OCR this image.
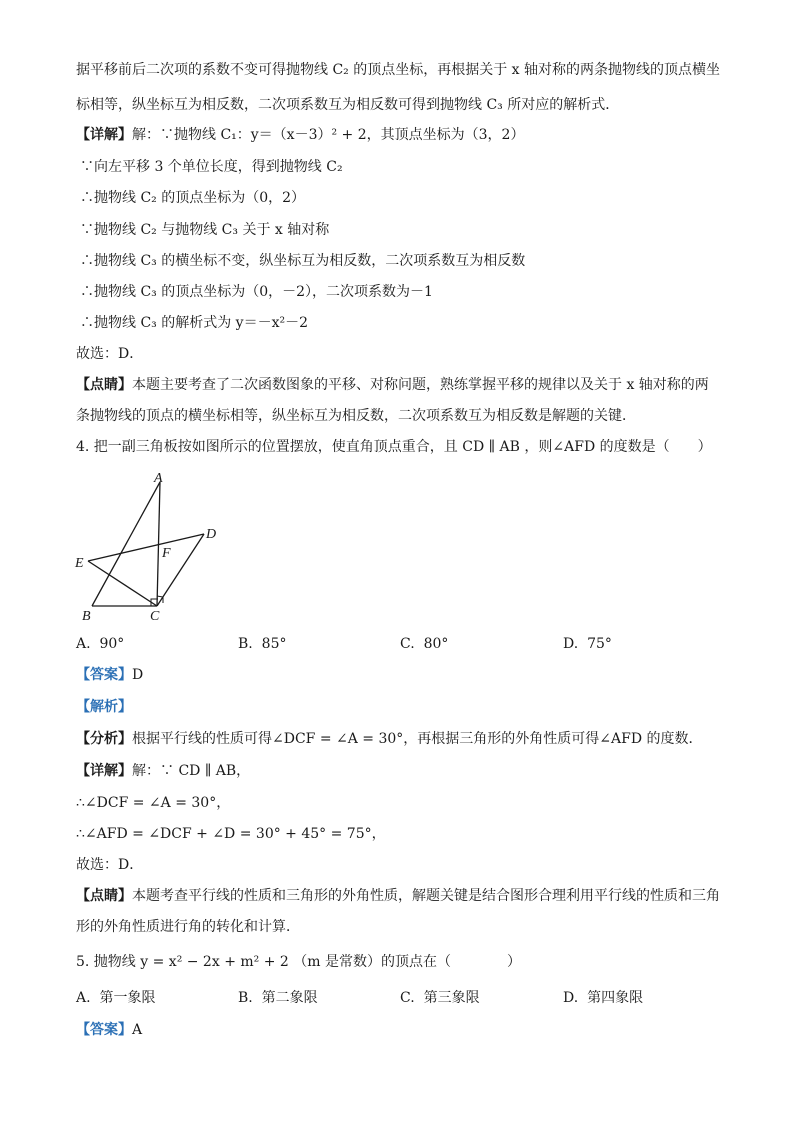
据平移前后二次项的系数不变可得抛物线 C₂ 的顶点坐标，再根据关于 x 轴对称的两条抛物线的顶点横坐
标相等，纵坐标互为相反数，二次项系数互为相反数可得到抛物线 C₃ 所对应的解析式．
【详解】解：∵抛物线 C₁：y＝（x－3）² + 2，其顶点坐标为（3，2）
∵向左平移 3 个单位长度，得到抛物线 C₂
∴抛物线 C₂ 的顶点坐标为（0，2）
∵抛物线 C₂ 与抛物线 C₃ 关于 x 轴对称
∴抛物线 C₃ 的横坐标不变，纵坐标互为相反数，二次项系数互为相反数
∴抛物线 C₃ 的顶点坐标为（0，－2），二次项系数为－1
∴抛物线 C₃ 的解析式为 y＝－x²－2
故选：D．
【点睛】本题主要考查了二次函数图象的平移、对称问题，熟练掌握平移的规律以及关于 x 轴对称的两
条抛物线的顶点的横坐标相等，纵坐标互为相反数，二次项系数互为相反数是解题的关键．
4. 把一副三角板按如图所示的位置摆放，使直角顶点重合，且 CD ∥ AB ，则∠AFD 的度数是（　　）
A
B	C
D
E
F
A. 90°	B. 85°	C. 80°	D. 75°
【答案】D
【解析】
【分析】根据平行线的性质可得∠DCF = ∠A = 30°，再根据三角形的外角性质可得∠AFD 的度数．
【详解】解：∵ CD ∥ AB，
∴∠DCF = ∠A = 30°，
∴∠AFD = ∠DCF + ∠D = 30° + 45° = 75°，
故选：D．
【点睛】本题考查平行线的性质和三角形的外角性质，解题关键是结合图形合理利用平行线的性质和三角
形的外角性质进行角的转化和计算．
5. 抛物线 y = x² − 2x + m² + 2 （m 是常数）的顶点在（　　　　）
A. 第一象限	B. 第二象限	C. 第三象限	D. 第四象限
【答案】A
